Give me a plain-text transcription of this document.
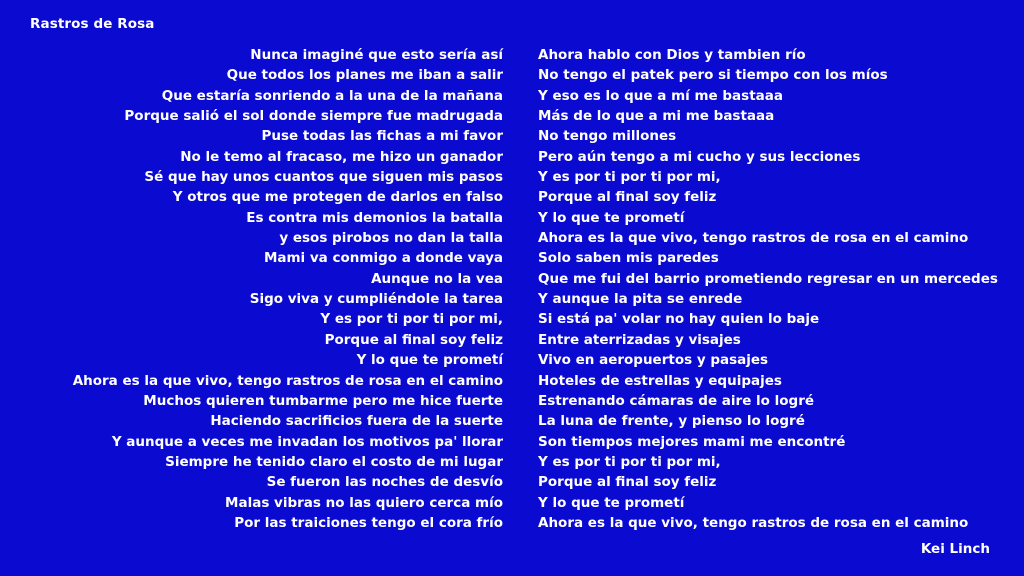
Rastros de Rosa
Nunca imaginé que esto sería así
Que todos los planes me iban a salir
Que estaría sonriendo a la una de la mañana
Porque salió el sol donde siempre fue madrugada
Puse todas las fichas a mi favor
No le temo al fracaso, me hizo un ganador
Sé que hay unos cuantos que siguen mis pasos
Y otros que me protegen de darlos en falso
Es contra mis demonios la batalla
y esos pirobos no dan la talla
Mami va conmigo a donde vaya
Aunque no la vea
Sigo viva y cumpliéndole la tarea
Y es por ti por ti por mi,
Porque al final soy feliz
Y lo que te prometí
Ahora es la que vivo, tengo rastros de rosa en el camino
Muchos quieren tumbarme pero me hice fuerte
Haciendo sacrificios fuera de la suerte
Y aunque a veces me invadan los motivos pa' llorar
Siempre he tenido claro el costo de mi lugar
Se fueron las noches de desvío
Malas vibras no las quiero cerca mío
Por las traiciones tengo el cora frío
Ahora hablo con Dios y tambien río
No tengo el patek pero si tiempo con los míos
Y eso es lo que a mí me bastaaa
Más de lo que a mi me bastaaa
No tengo millones
Pero aún tengo a mi cucho y sus lecciones
Y es por ti por ti por mi,
Porque al final soy feliz
Y lo que te prometí
Ahora es la que vivo, tengo rastros de rosa en el camino
Solo saben mis paredes
Que me fui del barrio prometiendo regresar en un mercedes
Y aunque la pita se enrede
Si está pa' volar no hay quien lo baje
Entre aterrizadas y visajes
Vivo en aeropuertos y pasajes
Hoteles de estrellas y equipajes
Estrenando cámaras de aire lo logré
La luna de frente, y pienso lo logré
Son tiempos mejores mami me encontré
Y es por ti por ti por mi,
Porque al final soy feliz
Y lo que te prometí
Ahora es la que vivo, tengo rastros de rosa en el camino
Kei Linch
